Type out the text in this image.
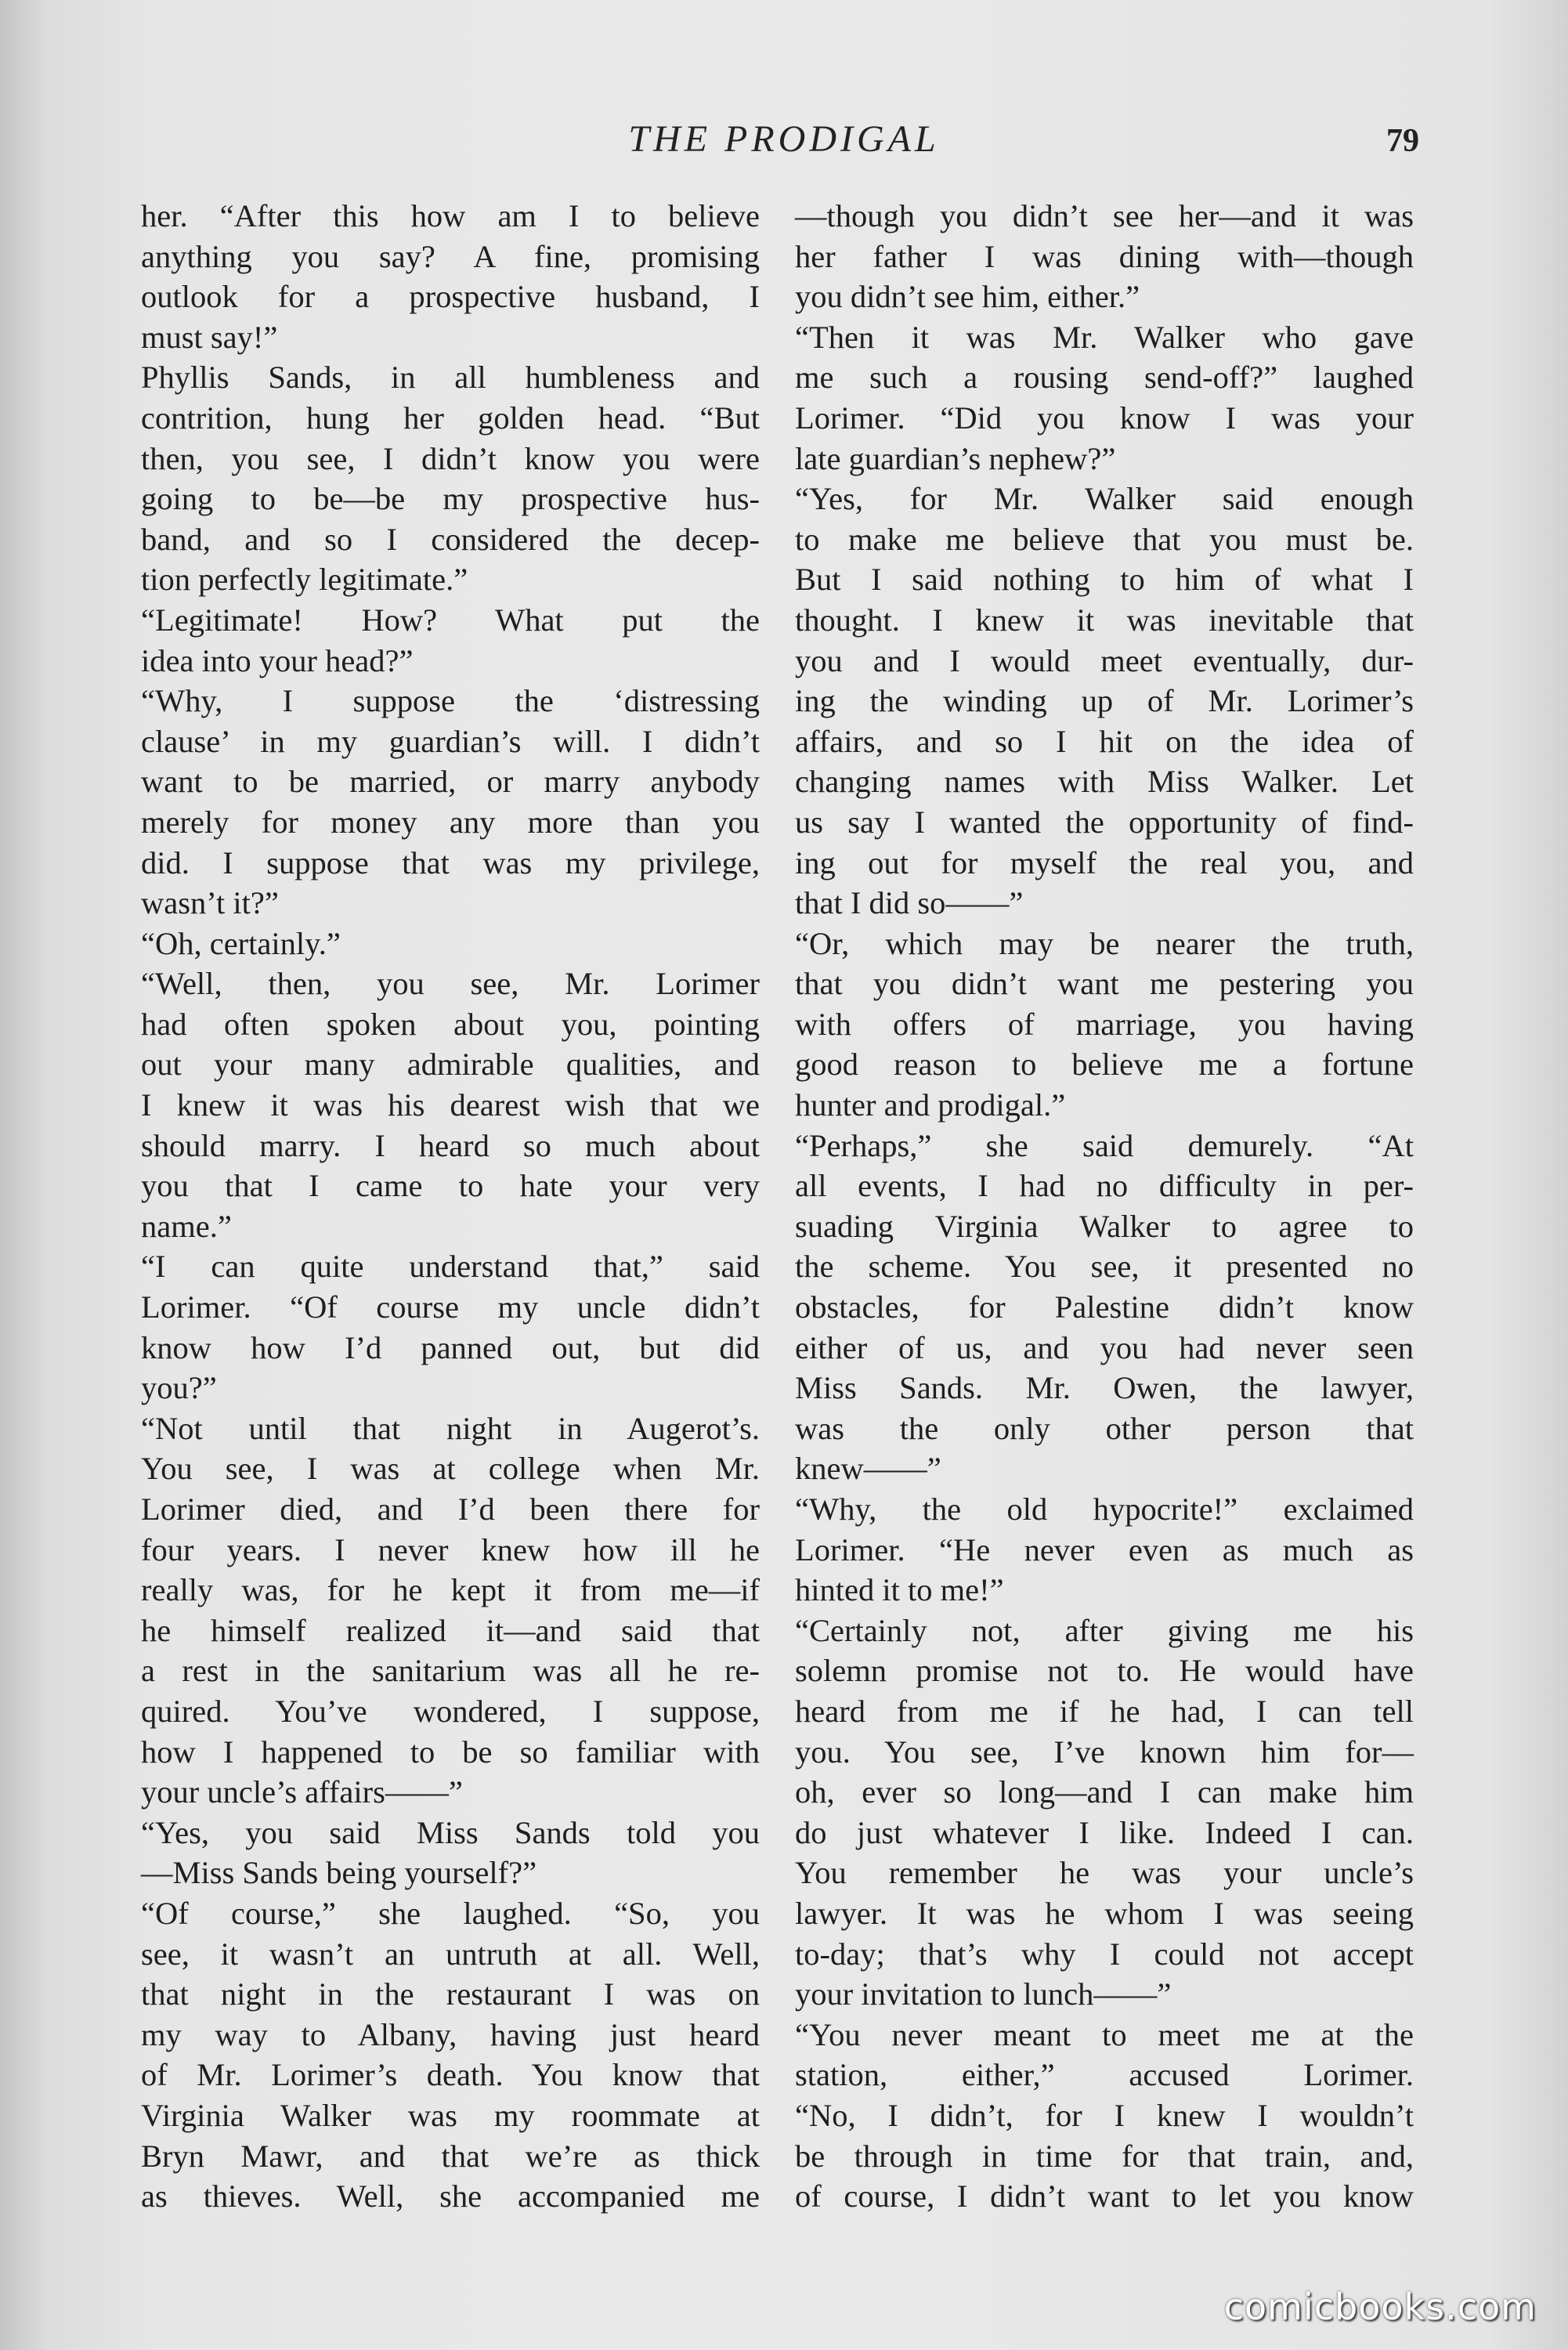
THE PRODIGAL	79
her. “After this how am I to believe
anything you say? A fine, promising
outlook for a prospective husband, I
must say!”
Phyllis Sands, in all humbleness and
contrition, hung her golden head. “But
then, you see, I didn’t know you were
going to be—be my prospective hus-
band, and so I considered the decep-
tion perfectly legitimate.”
“Legitimate! How? What put the
idea into your head?”
“Why, I suppose the ‘distressing
clause’ in my guardian’s will. I didn’t
want to be married, or marry anybody
merely for money any more than you
did. I suppose that was my privilege,
wasn’t it?”
“Oh, certainly.”
“Well, then, you see, Mr. Lorimer
had often spoken about you, pointing
out your many admirable qualities, and
I knew it was his dearest wish that we
should marry. I heard so much about
you that I came to hate your very
name.”
“I can quite understand that,” said
Lorimer. “Of course my uncle didn’t
know how I’d panned out, but did
you?”
“Not until that night in Augerot’s.
You see, I was at college when Mr.
Lorimer died, and I’d been there for
four years. I never knew how ill he
really was, for he kept it from me—if
he himself realized it—and said that
a rest in the sanitarium was all he re-
quired. You’ve wondered, I suppose,
how I happened to be so familiar with
your uncle’s affairs——”
“Yes, you said Miss Sands told you
—Miss Sands being yourself?”
“Of course,” she laughed. “So, you
see, it wasn’t an untruth at all. Well,
that night in the restaurant I was on
my way to Albany, having just heard
of Mr. Lorimer’s death. You know that
Virginia Walker was my roommate at
Bryn Mawr, and that we’re as thick
as thieves. Well, she accompanied me
—though you didn’t see her—and it was
her father I was dining with—though
you didn’t see him, either.”
“Then it was Mr. Walker who gave
me such a rousing send-off?” laughed
Lorimer. “Did you know I was your
late guardian’s nephew?”
“Yes, for Mr. Walker said enough
to make me believe that you must be.
But I said nothing to him of what I
thought. I knew it was inevitable that
you and I would meet eventually, dur-
ing the winding up of Mr. Lorimer’s
affairs, and so I hit on the idea of
changing names with Miss Walker. Let
us say I wanted the opportunity of find-
ing out for myself the real you, and
that I did so——”
“Or, which may be nearer the truth,
that you didn’t want me pestering you
with offers of marriage, you having
good reason to believe me a fortune
hunter and prodigal.”
“Perhaps,” she said demurely. “At
all events, I had no difficulty in per-
suading Virginia Walker to agree to
the scheme. You see, it presented no
obstacles, for Palestine didn’t know
either of us, and you had never seen
Miss Sands. Mr. Owen, the lawyer,
was the only other person that
knew——”
“Why, the old hypocrite!” exclaimed
Lorimer. “He never even as much as
hinted it to me!”
“Certainly not, after giving me his
solemn promise not to. He would have
heard from me if he had, I can tell
you. You see, I’ve known him for—
oh, ever so long—and I can make him
do just whatever I like. Indeed I can.
You remember he was your uncle’s
lawyer. It was he whom I was seeing
to-day; that’s why I could not accept
your invitation to lunch——”
“You never meant to meet me at the
station, either,” accused Lorimer.
“No, I didn’t, for I knew I wouldn’t
be through in time for that train, and,
of course, I didn’t want to let you know
comicbooks.com
